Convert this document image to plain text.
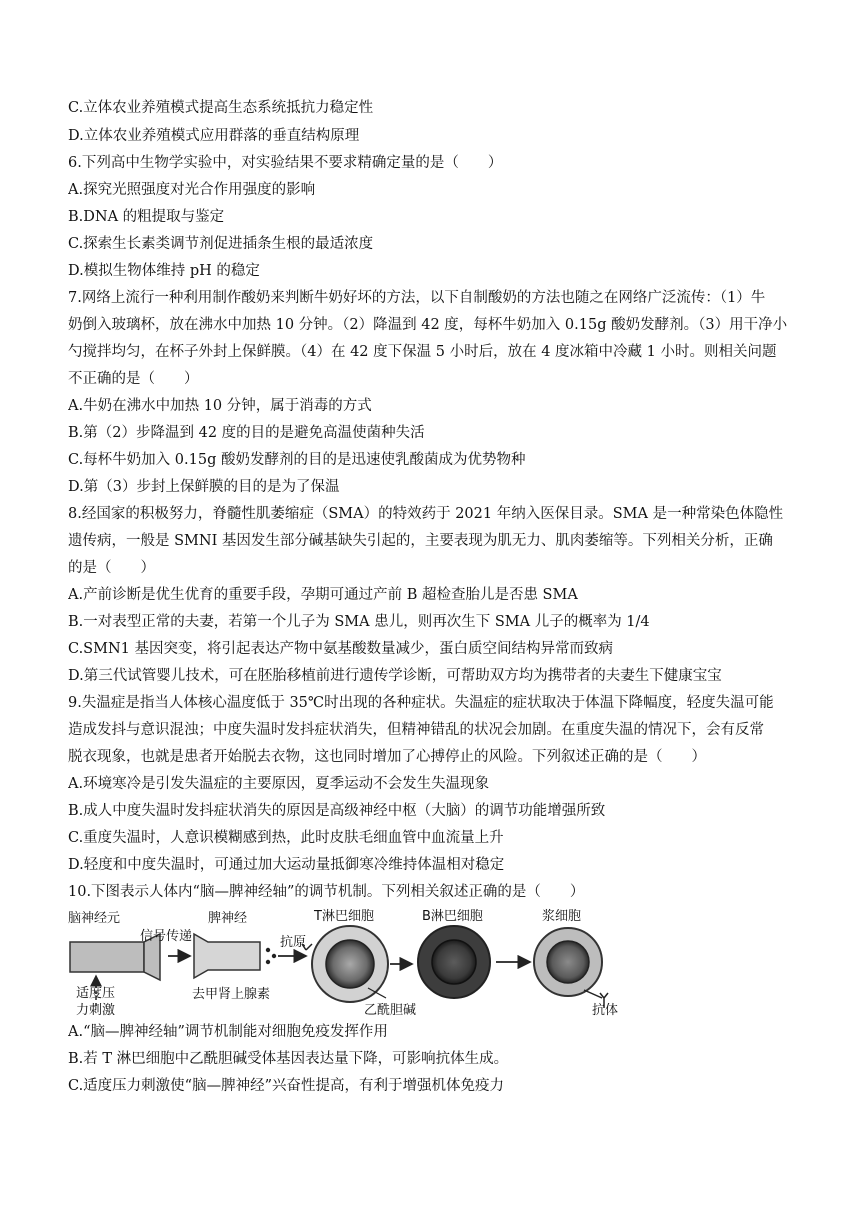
C.立体农业养殖模式提高生态系统抵抗力稳定性
D.立体农业养殖模式应用群落的垂直结构原理
6.下列高中生物学实验中，对实验结果不要求精确定量的是（　　）
A.探究光照强度对光合作用强度的影响
B.DNA 的粗提取与鉴定
C.探索生长素类调节剂促进插条生根的最适浓度
D.模拟生物体维持 pH 的稳定
7.网络上流行一种利用制作酸奶来判断牛奶好坏的方法，以下自制酸奶的方法也随之在网络广泛流传：（1）牛
奶倒入玻璃杯，放在沸水中加热 10 分钟。（2）降温到 42 度，每杯牛奶加入 0.15g 酸奶发酵剂。（3）用干净小
勺搅拌均匀，在杯子外封上保鲜膜。（4）在 42 度下保温 5 小时后，放在 4 度冰箱中冷藏 1 小时。则相关问题
不正确的是（　　）
A.牛奶在沸水中加热 10 分钟，属于消毒的方式
B.第（2）步降温到 42 度的目的是避免高温使菌种失活
C.每杯牛奶加入 0.15g 酸奶发酵剂的目的是迅速使乳酸菌成为优势物种
D.第（3）步封上保鲜膜的目的是为了保温
8.经国家的积极努力，脊髓性肌萎缩症（SMA）的特效药于 2021 年纳入医保目录。SMA 是一种常染色体隐性
遗传病，一般是 SMNI 基因发生部分碱基缺失引起的，主要表现为肌无力、肌肉萎缩等。下列相关分析，正确
的是（　　）
A.产前诊断是优生优育的重要手段，孕期可通过产前 B 超检查胎儿是否患 SMA
B.一对表型正常的夫妻，若第一个儿子为 SMA 患儿，则再次生下 SMA 儿子的概率为 1/4
C.SMN1 基因突变，将引起表达产物中氨基酸数量减少，蛋白质空间结构异常而致病
D.第三代试管婴儿技术，可在胚胎移植前进行遗传学诊断，可帮助双方均为携带者的夫妻生下健康宝宝
9.失温症是指当人体核心温度低于 35℃时出现的各种症状。失温症的症状取决于体温下降幅度，轻度失温可能
造成发抖与意识混浊；中度失温时发抖症状消失，但精神错乱的状况会加剧。在重度失温的情况下，会有反常
脱衣现象，也就是患者开始脱去衣物，这也同时增加了心搏停止的风险。下列叙述正确的是（　　）
A.环境寒冷是引发失温症的主要原因，夏季运动不会发生失温现象
B.成人中度失温时发抖症状消失的原因是高级神经中枢（大脑）的调节功能增强所致
C.重度失温时，人意识模糊感到热，此时皮肤毛细血管中血流量上升
D.轻度和中度失温时，可通过加大运动量抵御寒冷维持体温相对稳定
10.下图表示人体内“脑—脾神经轴”的调节机制。下列相关叙述正确的是（　　）
脑神经元
适度压
力刺激
信号传递
脾神经
去甲肾上腺素
抗原
T淋巴细胞
乙酰胆碱
B淋巴细胞	浆细胞
抗体
A.“脑—脾神经轴”调节机制能对细胞免疫发挥作用
B.若 T 淋巴细胞中乙酰胆碱受体基因表达量下降，可影响抗体生成。
C.适度压力刺激使“脑—脾神经”兴奋性提高，有利于增强机体免疫力
